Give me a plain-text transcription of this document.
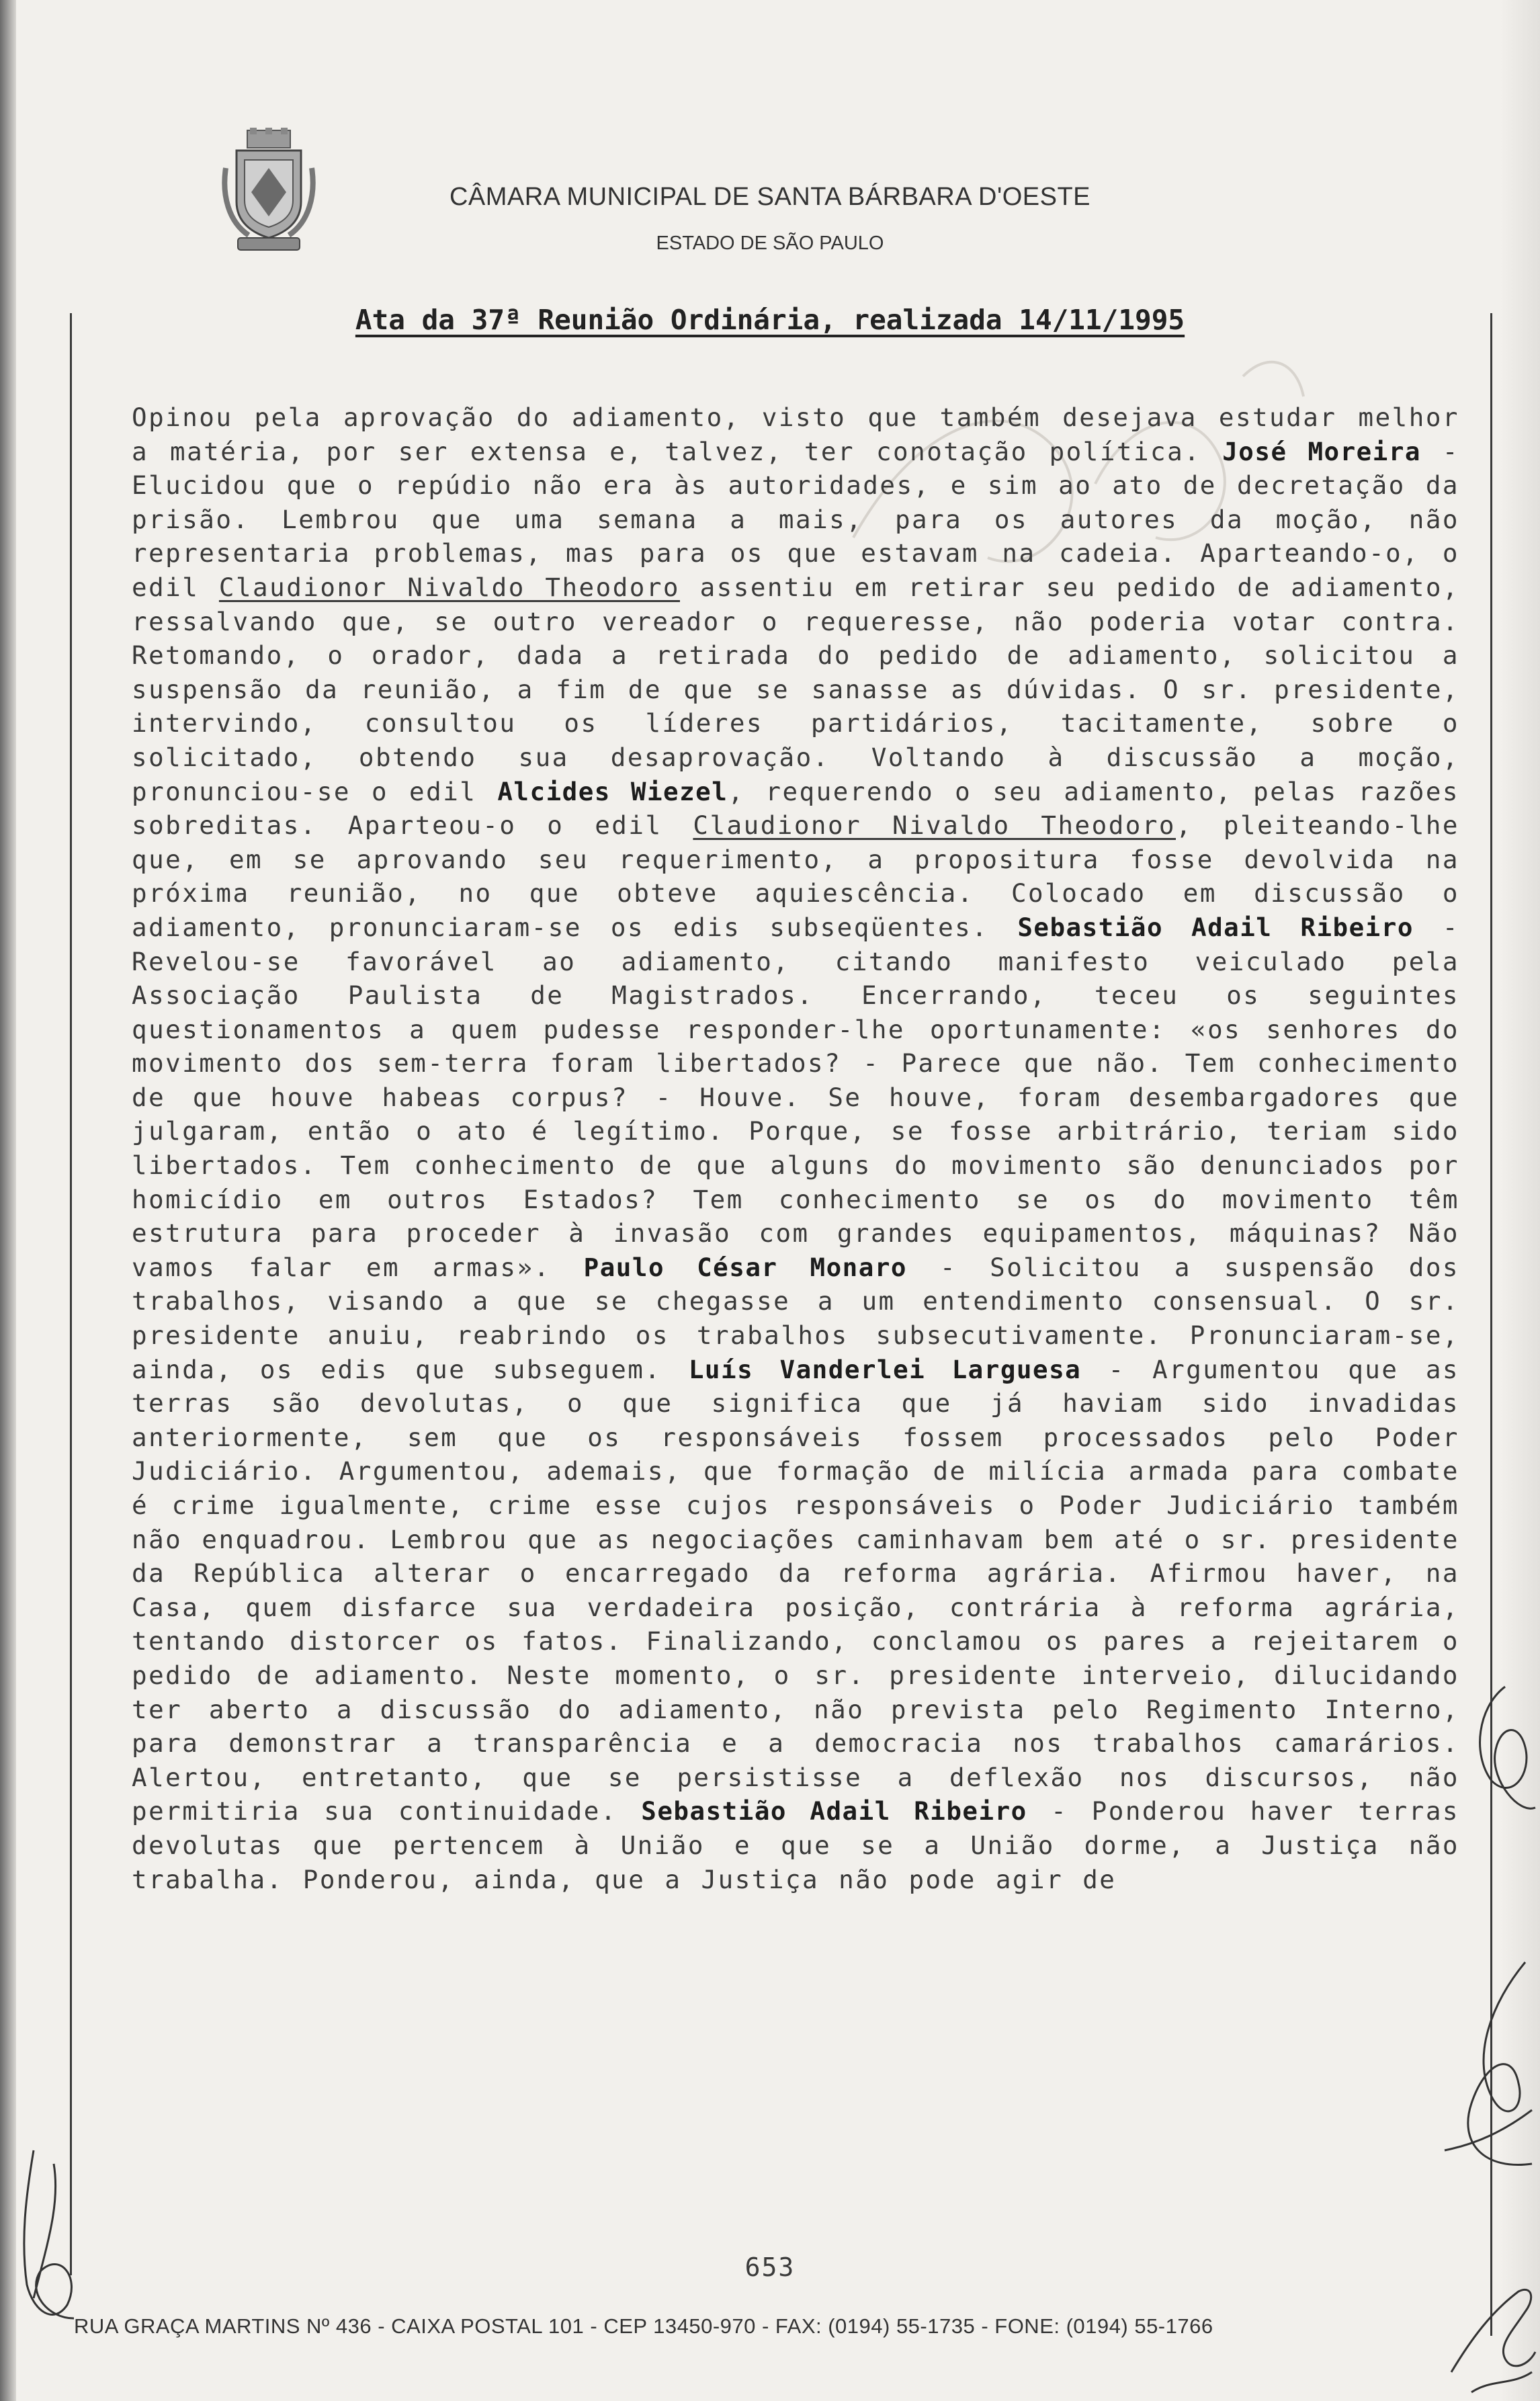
CÂMARA MUNICIPAL DE SANTA BÁRBARA D'OESTE
ESTADO DE SÃO PAULO
Ata da 37ª Reunião Ordinária, realizada 14/11/1995
Opinou pela aprovação do adiamento, visto que também desejava estudar melhor a matéria, por ser extensa e, talvez, ter conotação política. José Moreira - Elucidou que o repúdio não era às autoridades, e sim ao ato de decretação da prisão. Lembrou que uma semana a mais, para os autores da moção, não representaria problemas, mas para os que estavam na cadeia. Aparteando-o, o edil Claudionor Nivaldo Theodoro assentiu em retirar seu pedido de adiamento, ressalvando que, se outro vereador o requeresse, não poderia votar contra. Retomando, o orador, dada a retirada do pedido de adiamento, solicitou a suspensão da reunião, a fim de que se sanasse as dúvidas. O sr. presidente, intervindo, consultou os líderes partidários, tacitamente, sobre o solicitado, obtendo sua desaprovação. Voltando à discussão a moção, pronunciou-se o edil Alcides Wiezel, requerendo o seu adiamento, pelas razões sobreditas. Aparteou-o o edil Claudionor Nivaldo Theodoro, pleiteando-lhe que, em se aprovando seu requerimento, a propositura fosse devolvida na próxima reunião, no que obteve aquiescência. Colocado em discussão o adiamento, pronunciaram-se os edis subseqüentes. Sebastião Adail Ribeiro - Revelou-se favorável ao adiamento, citando manifesto veiculado pela Associação Paulista de Magistrados. Encerrando, teceu os seguintes questionamentos a quem pudesse responder-lhe oportunamente: «os senhores do movimento dos sem-terra foram libertados? - Parece que não. Tem conhecimento de que houve habeas corpus? - Houve. Se houve, foram desembargadores que julgaram, então o ato é legítimo. Porque, se fosse arbitrário, teriam sido libertados. Tem conhecimento de que alguns do movimento são denunciados por homicídio em outros Estados? Tem conhecimento se os do movimento têm estrutura para proceder à invasão com grandes equipamentos, máquinas? Não vamos falar em armas». Paulo César Monaro - Solicitou a suspensão dos trabalhos, visando a que se chegasse a um entendimento consensual. O sr. presidente anuiu, reabrindo os trabalhos subsecutivamente. Pronunciaram-se, ainda, os edis que subseguem. Luís Vanderlei Larguesa - Argumentou que as terras são devolutas, o que significa que já haviam sido invadidas anteriormente, sem que os responsáveis fossem processados pelo Poder Judiciário. Argumentou, ademais, que formação de milícia armada para combate é crime igualmente, crime esse cujos responsáveis o Poder Judiciário também não enquadrou. Lembrou que as negociações caminhavam bem até o sr. presidente da República alterar o encarregado da reforma agrária. Afirmou haver, na Casa, quem disfarce sua verdadeira posição, contrária à reforma agrária, tentando distorcer os fatos. Finalizando, conclamou os pares a rejeitarem o pedido de adiamento. Neste momento, o sr. presidente interveio, dilucidando ter aberto a discussão do adiamento, não prevista pelo Regimento Interno, para demonstrar a transparência e a democracia nos trabalhos camarários. Alertou, entretanto, que se persistisse a deflexão nos discursos, não permitiria sua continuidade. Sebastião Adail Ribeiro - Ponderou haver terras devolutas que pertencem à União e que se a União dorme, a Justiça não trabalha. Ponderou, ainda, que a Justiça não pode agir de
653
RUA GRAÇA MARTINS Nº 436 - CAIXA POSTAL 101 - CEP 13450-970 - FAX: (0194) 55-1735 - FONE: (0194) 55-1766
